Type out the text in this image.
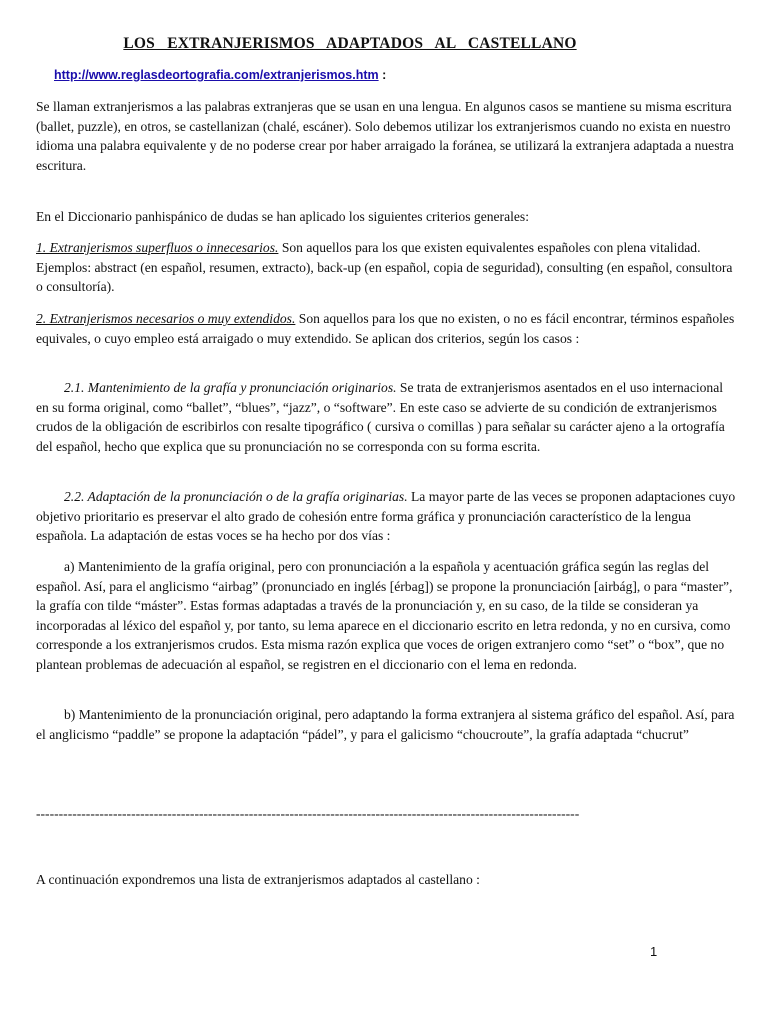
LOS   EXTRANJERISMOS   ADAPTADOS   AL   CASTELLANO
http://www.reglasdeortografia.com/extranjerismos.htm :

Se llaman extranjerismos a las palabras extranjeras que se usan en una lengua. En algunos casos se mantiene su misma escritura (ballet, puzzle), en otros, se castellanizan (chalé, escáner). Solo debemos utilizar los extranjerismos cuando no exista en nuestro idioma una palabra equivalente y de no poderse crear por haber arraigado la foránea, se utilizará la extranjera adaptada a nuestra escritura.

En el Diccionario panhispánico de dudas se han aplicado los siguientes criterios generales:

1. Extranjerismos superfluos o innecesarios. Son aquellos para los que existen equivalentes españoles con plena vitalidad. Ejemplos: abstract (en español, resumen, extracto), back-up (en español, copia de seguridad), consulting (en español, consultora o consultoría).

2. Extranjerismos necesarios o muy extendidos. Son aquellos para los que no existen, o no es fácil encontrar, términos españoles equivales, o cuyo empleo está arraigado o muy extendido. Se aplican dos criterios, según los casos :

2.1. Mantenimiento de la grafía y pronunciación originarios. Se trata de extranjerismos asentados en el uso internacional en su forma original, como “ballet”, “blues”, “jazz”, o “software”. En este caso se advierte de su condición de extranjerismos crudos de la obligación de escribirlos con resalte tipográfico ( cursiva o comillas ) para señalar su carácter ajeno a la ortografía del español, hecho que explica que su pronunciación no se corresponda con su forma escrita.

2.2. Adaptación de la pronunciación o de la grafía originarias. La mayor parte de las veces se proponen adaptaciones cuyo objetivo prioritario es preservar el alto grado de cohesión entre forma gráfica y pronunciación característico de la lengua española. La adaptación de estas voces se ha hecho por dos vías :

a) Mantenimiento de la grafía original, pero con pronunciación a la española y acentuación gráfica según las reglas del español. Así, para el anglicismo “airbag” (pronunciado en inglés [érbag]) se propone la pronunciación [airbág], o para “master”, la grafía con tilde “máster”. Estas formas adaptadas a través de la pronunciación y, en su caso, de la tilde se consideran ya incorporadas al léxico del español y, por tanto, su lema aparece en el diccionario escrito en letra redonda, y no en cursiva, como corresponde a los extranjerismos crudos. Esta misma razón explica que voces de origen extranjero como “set” o “box”, que no plantean problemas de adecuación al español, se registren en el diccionario con el lema en redonda.

b) Mantenimiento de la pronunciación original, pero adaptando la forma extranjera al sistema gráfico del español. Así, para el anglicismo “paddle” se propone la adaptación “pádel”, y para el galicismo “choucroute”, la grafía adaptada “chucrut”

------------------------------------------------------------------------------------------------------------------------

A continuación expondremos una lista de extranjerismos adaptados al castellano :

1
